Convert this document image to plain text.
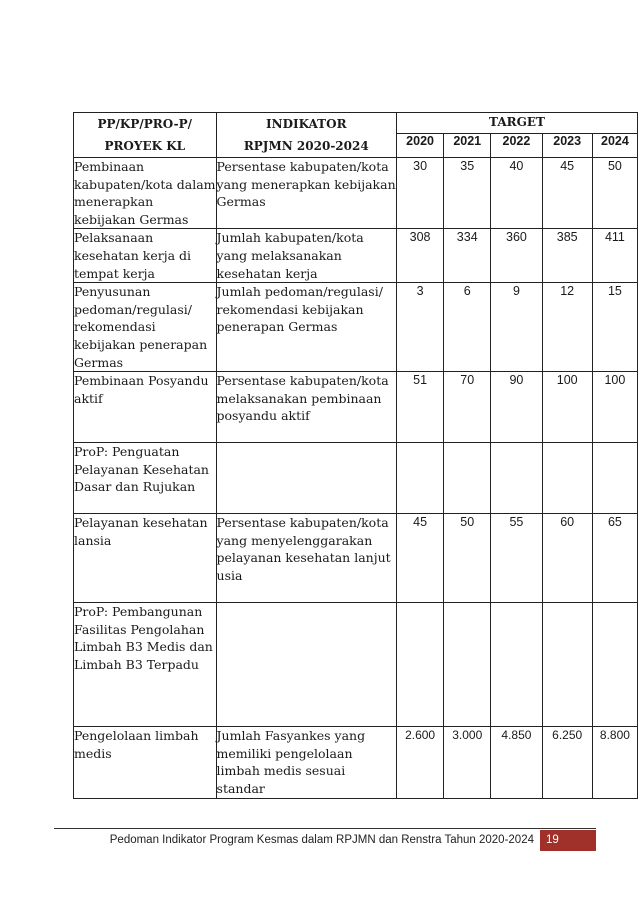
PP/KP/PRO-P/ PROYEK KL	INDIKATOR RPJMN 2020-2024	TARGET				
		2020	2021	2022	2023	2024
Pembinaan kabupaten/kota dalam menerapkan kebijakan Germas	Persentase kabupaten/kota yang menerapkan kebijakan Germas	30	35	40	45	50
Pelaksanaan kesehatan kerja di tempat kerja	Jumlah kabupaten/kota yang melaksanakan kesehatan kerja	308	334	360	385	411
Penyusunan pedoman/regulasi/ rekomendasi kebijakan penerapan Germas	Jumlah pedoman/regulasi/ rekomendasi kebijakan penerapan Germas	3	6	9	12	15
Pembinaan Posyandu aktif	Persentase kabupaten/kota melaksanakan pembinaan posyandu aktif	51	70	90	100	100
ProP: Penguatan Pelayanan Kesehatan Dasar dan Rujukan						
Pelayanan kesehatan lansia	Persentase kabupaten/kota yang menyelenggarakan pelayanan kesehatan lanjut usia	45	50	55	60	65
ProP: Pembangunan Fasilitas Pengolahan Limbah B3 Medis dan Limbah B3 Terpadu						
Pengelolaan limbah medis	Jumlah Fasyankes yang memiliki pengelolaan limbah medis sesuai standar	2.600	3.000	4.850	6.250	8.800
Pedoman Indikator Program Kesmas dalam RPJMN dan Renstra Tahun 2020-2024	19
